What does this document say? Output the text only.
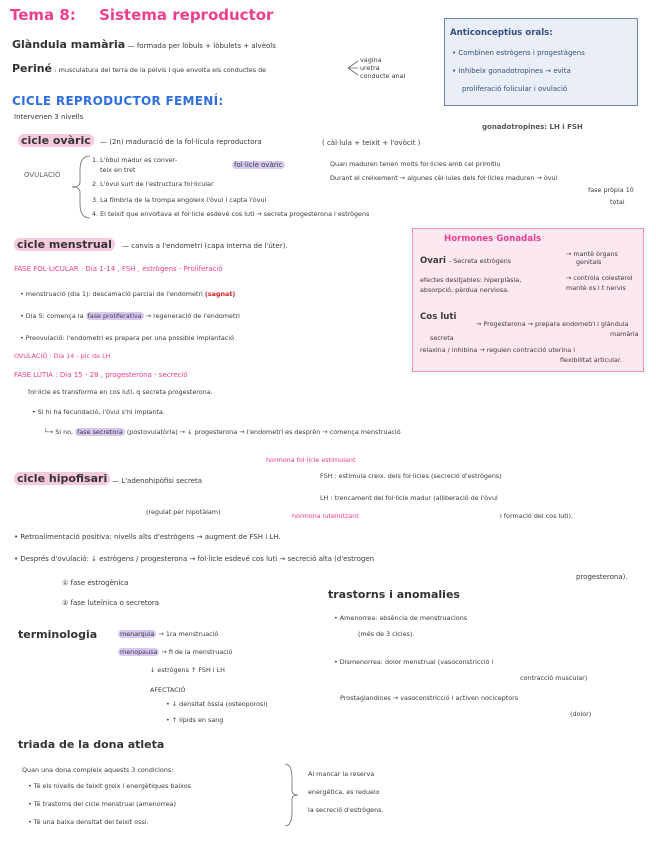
Tema 8: Sistema reproductor
Glàndula mamària — formada per lòbuls + lòbulets + alvèols
Periné : musculatura del terra de la pelvis i que envolta els conductes de
vagina
uretra
conducte anal
Anticonceptius orals:
• Combinen estrògens i progestàgens
• Inhibeix gonadotropines → evita
proliferació folicular i ovulació
gonadotropines: LH i FSH
CICLE REPRODUCTOR FEMENÍ:
Intervenen 3 nivells
cicle ovàric	— (2n) maduració de la fol·lícula reproductora	( càl·lula + teixit + l'ovòcit )
OVULACIÓ
1. L'òbul madur es conver-
teix en tret
2. L'òvul surt de l'estructura fol·licular
3. La fímbria de la trompa engoleix l'òvul i capta l'òvul
4. El teixit que envoltava el fol·licle esdevé cos luti → secreta progesterona i estrògens
fol·licle ovàric	Quan maduren tenen molts fol·licles amb cel primitiu
Durant el creixement → algunes cèl·lules dels fol·licles maduren → òvul
fase pròpia 10
total
cicle menstrual	— canvis a l'endometri (capa interna de l'úter).
FASE FOL·LICULAR : Dia 1-14 , FSH , estrògens - Proliferació
• menstruació (dia 1): descamació parcial de l'endometri (sagnat)
• Dia 5: comença la fase proliferativa → regeneració de l'endometri
• Preovulació: l'endometri es prepara per una possible implantació
OVULACIÓ : Dia 14 - pic de LH
FASE LÚTIA : Dia 15 - 28 , progesterona - secreció
fol·licle es transforma en cos luti, q secreta progesterona.
• Si hi ha fecundació, l'òvul s'hi implanta.
└→ Si no, fase secretora (postovulatòria) → ↓ progesterona → l'endometri es desprèn → comença menstruació
Hormones Gonadals
Ovari - Secreta estrògens
→ mantè òrgans
genitals
→ controla colesterol
mantè os i t nervis
efectes desitjables: hiperplàsia,
absorpció, pèrdua nerviosa.
Cos luti
→ Progesterona → prepara endometri i glàndula
mamària
secreta
relaxina / inhibina → regulen contracció uterina i
flexibilitat articular.
cicle hipofisari — L'adenohipòfisi secreta
hormona fol·licle estimulant
FSH : estimula creix. dels fol·licles (secreció d'estrògens)
(regulat per hipotàlam)	hormona luteïnitzant
LH : trencament del fol·licle madur (alliberació de l'òvul
i formació del cos luti).
• Retroalimentació positiva: nivells alts d'estrògens → augment de FSH i LH.
• Després d'ovulació: ↓ estrògens / progesterona → fol·licle esdevé cos luti → secreció alta (d'estrogen
progesterona).
① fase estrogènica
② fase luteïnica o secretora
terminologia	menarquia → 1ra menstruació
menopausa → fi de la menstruació
↓ estrògens ↑ FSH i LH
AFECTACIÓ
• ↓ densitat òssia (osteoporosi)
• ↑ lípids en sang
trastorns i anomalies
• Amenorrea: absència de menstruacions
(més de 3 cicles).
• Dismenorrea: dolor menstrual (vasoconstricció i
contracció muscular)
Prostaglandines → vasoconstricció i activen nociceptors
(dolor)
triada de la dona atleta
Quan una dona compleix aquests 3 condicions:
• Té els nivells de teixit greix i energètiques baixos
• Té trastorns del cicle menstrual (amenorrea)
• Té una baixa densitat del teixit ossi.
Al mancar la reserva
energètica, es redueix
la secreció d'estrògens.
